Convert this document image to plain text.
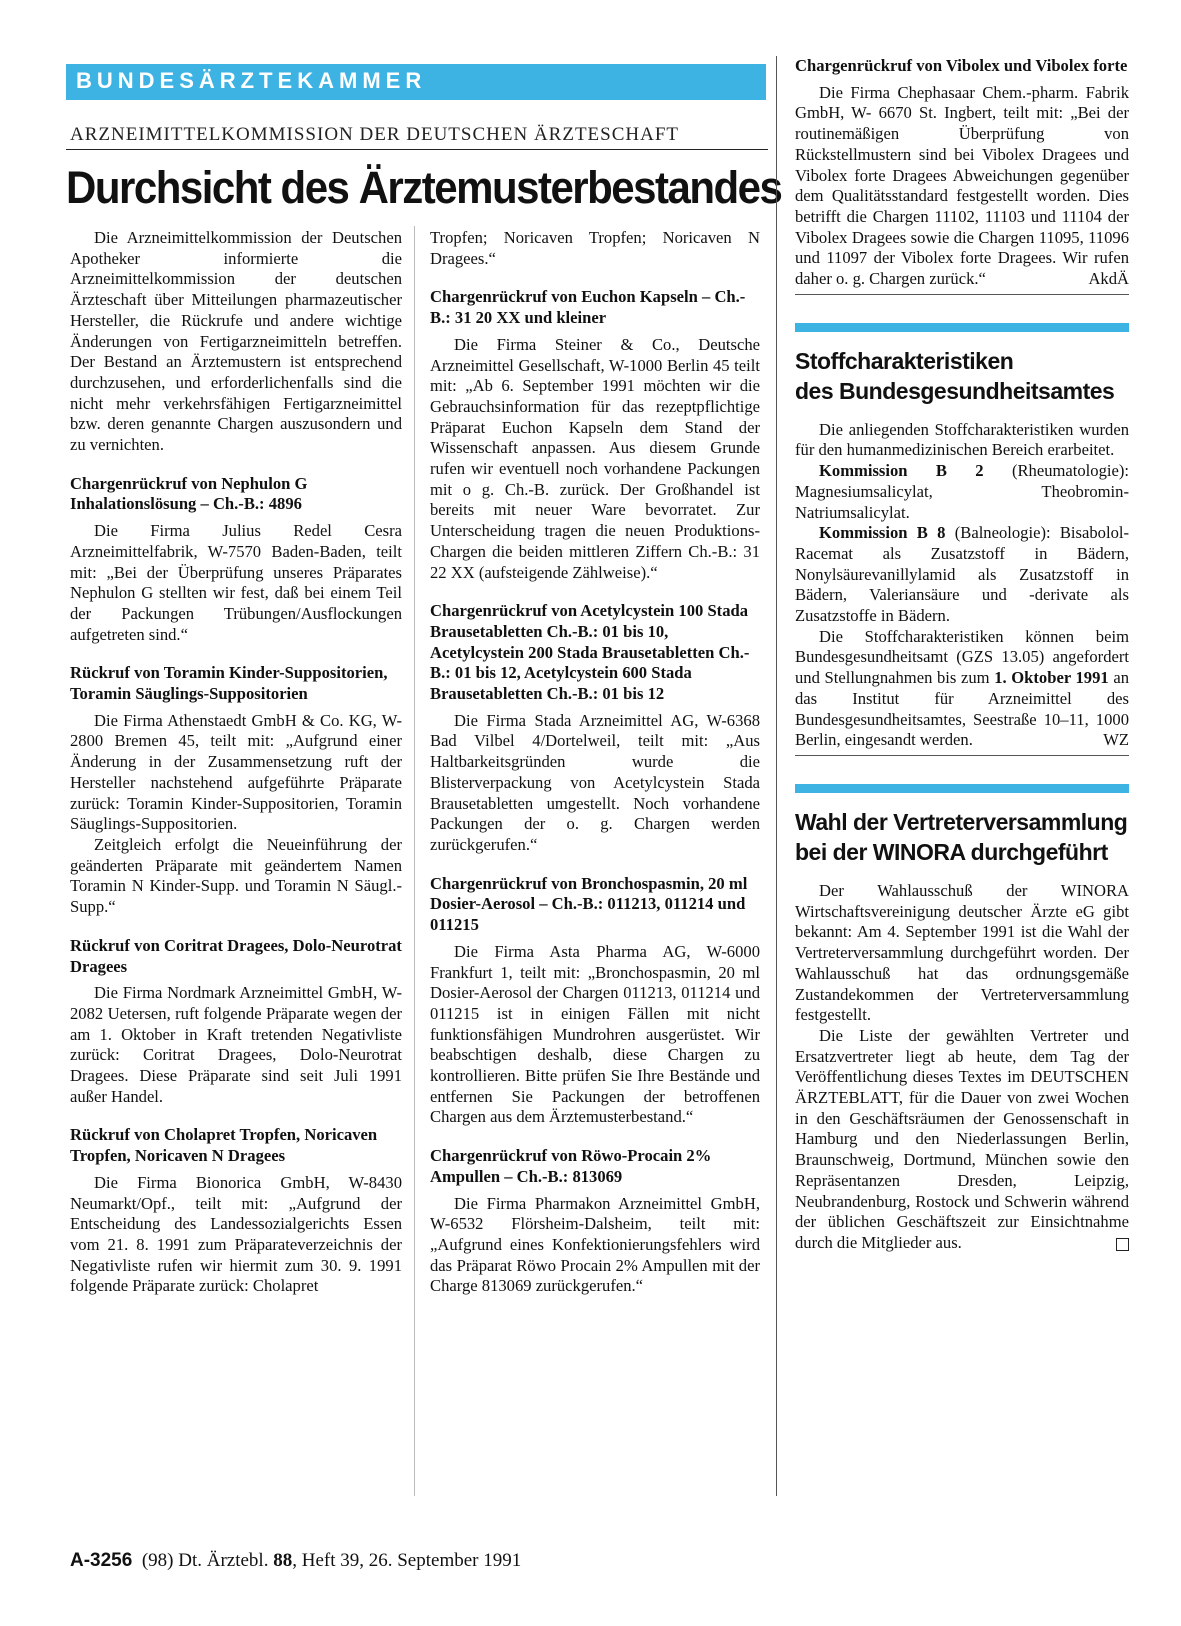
BUNDESÄRZTEKAMMER
ARZNEIMITTELKOMMISSION DER DEUTSCHEN ÄRZTESCHAFT
Durchsicht des Ärztemusterbestandes

Die Arzneimittelkommission der Deutschen Apotheker informierte die Arzneimittelkommission der deutschen Ärzteschaft über Mitteilungen pharmazeutischer Hersteller, die Rückrufe und andere wichtige Änderungen von Fertigarzneimitteln betreffen. Der Bestand an Ärztemustern ist entsprechend durchzusehen, und erforderlichenfalls sind die nicht mehr verkehrsfähigen Fertigarzneimittel bzw. deren genannte Chargen auszusondern und zu vernichten.

Chargenrückruf von Nephulon G Inhalationslösung – Ch.-B.: 4896

Die Firma Julius Redel Cesra Arzneimittelfabrik, W-7570 Baden-Baden, teilt mit: „Bei der Überprüfung unseres Präparates Nephulon G stellten wir fest, daß bei einem Teil der Packungen Trübungen/Ausflockungen aufgetreten sind.“

Rückruf von Toramin Kinder-Suppositorien, Toramin Säuglings-Suppositorien

Die Firma Athenstaedt GmbH & Co. KG, W-2800 Bremen 45, teilt mit: „Aufgrund einer Änderung in der Zusammensetzung ruft der Hersteller nachstehend aufgeführte Präparate zurück: Toramin Kinder-Suppositorien, Toramin Säuglings-Suppositorien.

Zeitgleich erfolgt die Neueinführung der geänderten Präparate mit geändertem Namen Toramin N Kinder-Supp. und Toramin N Säugl.-Supp.“

Rückruf von Coritrat Dragees, Dolo-Neurotrat Dragees

Die Firma Nordmark Arzneimittel GmbH, W-2082 Uetersen, ruft folgende Präparate wegen der am 1. Oktober in Kraft tretenden Negativliste zurück: Coritrat Dragees, Dolo-Neurotrat Dragees. Diese Präparate sind seit Juli 1991 außer Handel.

Rückruf von Cholapret Tropfen, Noricaven Tropfen, Noricaven N Dragees

Die Firma Bionorica GmbH, W-8430 Neumarkt/Opf., teilt mit: „Aufgrund der Entscheidung des Landessozialgerichts Essen vom 21. 8. 1991 zum Präparateverzeichnis der Negativliste rufen wir hiermit zum 30. 9. 1991 folgende Präparate zurück: Cholapret

Tropfen; Noricaven Tropfen; Noricaven N Dragees.“

Chargenrückruf von Euchon Kapseln – Ch.-B.: 31 20 XX und kleiner

Die Firma Steiner & Co., Deutsche Arzneimittel Gesellschaft, W-1000 Berlin 45 teilt mit: „Ab 6. September 1991 möchten wir die Gebrauchsinformation für das rezeptpflichtige Präparat Euchon Kapseln dem Stand der Wissenschaft anpassen. Aus diesem Grunde rufen wir eventuell noch vorhandene Packungen mit o g. Ch.-B. zurück. Der Großhandel ist bereits mit neuer Ware bevorratet. Zur Unterscheidung tragen die neuen Produktions-Chargen die beiden mittleren Ziffern Ch.-B.: 31 22 XX (aufsteigende Zählweise).“

Chargenrückruf von Acetylcystein 100 Stada Brausetabletten Ch.-B.: 01 bis 10, Acetylcystein 200 Stada Brausetabletten Ch.-B.: 01 bis 12, Acetylcystein 600 Stada Brausetabletten Ch.-B.: 01 bis 12

Die Firma Stada Arzneimittel AG, W-6368 Bad Vilbel 4/Dortelweil, teilt mit: „Aus Haltbarkeitsgründen wurde die Blisterverpackung von Acetylcystein Stada Brausetabletten umgestellt. Noch vorhandene Packungen der o. g. Chargen werden zurückgerufen.“

Chargenrückruf von Bronchospasmin, 20 ml Dosier-Aerosol – Ch.-B.: 011213, 011214 und 011215

Die Firma Asta Pharma AG, W-6000 Frankfurt 1, teilt mit: „Bronchospasmin, 20 ml Dosier-Aerosol der Chargen 011213, 011214 und 011215 ist in einigen Fällen mit nicht funktionsfähigen Mundrohren ausgerüstet. Wir beabschtigen deshalb, diese Chargen zu kontrollieren. Bitte prüfen Sie Ihre Bestände und entfernen Sie Packungen der betroffenen Chargen aus dem Ärztemusterbestand.“

Chargenrückruf von Röwo-Procain 2% Ampullen – Ch.-B.: 813069

Die Firma Pharmakon Arzneimittel GmbH, W-6532 Flörsheim-Dalsheim, teilt mit: „Aufgrund eines Konfektionierungsfehlers wird das Präparat Röwo Procain 2% Ampullen mit der Charge 813069 zurückgerufen.“

Chargenrückruf von Vibolex und Vibolex forte

Die Firma Chephasaar Chem.-pharm. Fabrik GmbH, W- 6670 St. Ingbert, teilt mit: „Bei der routinemäßigen Überprüfung von Rückstellmustern sind bei Vibolex Dragees und Vibolex forte Dragees Abweichungen gegenüber dem Qualitätsstandard festgestellt worden. Dies betrifft die Chargen 11102, 11103 und 11104 der Vibolex Dragees sowie die Chargen 11095, 11096 und 11097 der Vibolex forte Dragees. Wir rufen daher o. g. Chargen zurück.“	AkdÄ

Stoffcharakteristiken
des Bundesgesundheitsamtes

Die anliegenden Stoffcharakteristiken wurden für den humanmedizinischen Bereich erarbeitet.

Kommission B 2 (Rheumatologie): Magnesiumsalicylat, Theobromin-Natriumsalicylat.

Kommission B 8 (Balneologie): Bisabolol-Racemat als Zusatzstoff in Bädern, Nonylsäurevanillylamid als Zusatzstoff in Bädern, Valeriansäure und -derivate als Zusatzstoffe in Bädern.

Die Stoffcharakteristiken können beim Bundesgesundheitsamt (GZS 13.05) angefordert und Stellungnahmen bis zum 1. Oktober 1991 an das Institut für Arzneimittel des Bundesgesundheitsamtes, Seestraße 10–11, 1000 Berlin, eingesandt werden.	WZ

Wahl der Vertreterversammlung
bei der WINORA durchgeführt

Der Wahlausschuß der WINORA Wirtschaftsvereinigung deutscher Ärzte eG gibt bekannt: Am 4. September 1991 ist die Wahl der Vertreterversammlung durchgeführt worden. Der Wahlausschuß hat das ordnungsgemäße Zustandekommen der Vertreterversammlung festgestellt.

Die Liste der gewählten Vertreter und Ersatzvertreter liegt ab heute, dem Tag der Veröffentlichung dieses Textes im DEUTSCHEN ÄRZTEBLATT, für die Dauer von zwei Wochen in den Geschäftsräumen der Genossenschaft in Hamburg und den Niederlassungen Berlin, Braunschweig, Dortmund, München sowie den Repräsentanzen Dresden, Leipzig, Neubrandenburg, Rostock und Schwerin während der üblichen Geschäftszeit zur Einsichtnahme durch die Mitglieder aus.

A-3256 (98) Dt. Ärztebl. 88, Heft 39, 26. September 1991
